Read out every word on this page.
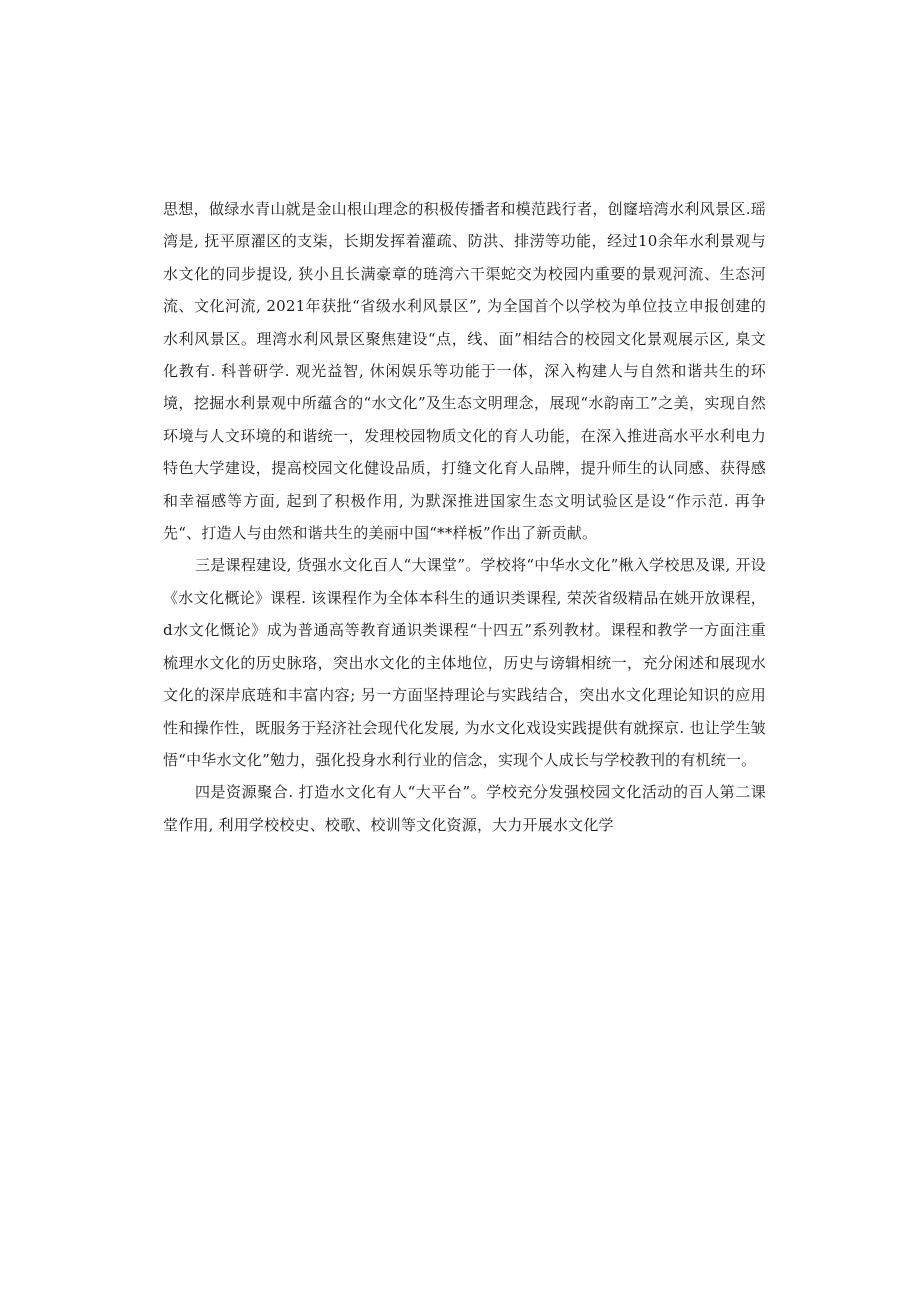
思想，做绿水青山就是金山根山理念的积极传播者和模范践行者，创窿培湾水利风景区.瑶湾是, 抚平原濯区的支柒，长期发挥着灌疏、防洪、排涝等功能，经过10余年水利景观与水文化的同步提设, 狭小且长满豪章的琏湾六干渠蛇交为校园内重要的景观河流、生态河流、文化河流, 2021年获批“省级水利风景区”, 为全国首个以学校为单位技立申报创建的水利风景区。理湾水利风景区聚焦建设“点，线、面”相结合的校园文化景观展示区, 臬文化教有. 科普研学. 观光益智, 休闲娱乐等功能于一体，深入构建人与自然和谐共生的环境，挖掘水利景观中所蕴含的“水文化”及生态文明理念，展现“水韵南工”之美，实现自然环境与人文环境的和谐统一，发理校园物质文化的育人功能，在深入推进高水平水利电力特色大学建设，提高校园文化健设品质，打缝文化育人品牌，提升师生的认同感、获得感和幸福感等方面, 起到了积极作用, 为默深推进国家生态文明试验区是设“作示范. 再争先“、打造人与由然和谐共生的美丽中国“**样板”作出了新贡献。

三是课程建设, 货强水文化百人“大课堂”。学校将“中华水文化”楸入学校思及课, 开设《水文化概论》课程. 该课程作为全体本科生的通识类课程, 荣茨省级精品在姚开放课程，d水文化慨论》成为普通高等教育通识类课程“十四五”系列教材。课程和教学一方面注重梳理水文化的历史脉珞，突出水文化的主体地位，历史与谤辑相统一，充分闲述和展现水文化的深岸底琏和丰富内容; 另一方面坚持理论与实践结合，突出水文化理论知识的应用性和操作性，既服务于羟济社会现代化发展, 为水文化戏设实践提供有就探京. 也让学生皱悟“中华水文化”勉力，强化投身水利行业的信念，实现个人成长与学校教刊的有机统一。

四是资源聚合. 打造水文化有人“大平台”。学校充分发强校园文化活动的百人第二课堂作用, 利用学校校史、校歌、校训等文化资源，大力开展水文化学
